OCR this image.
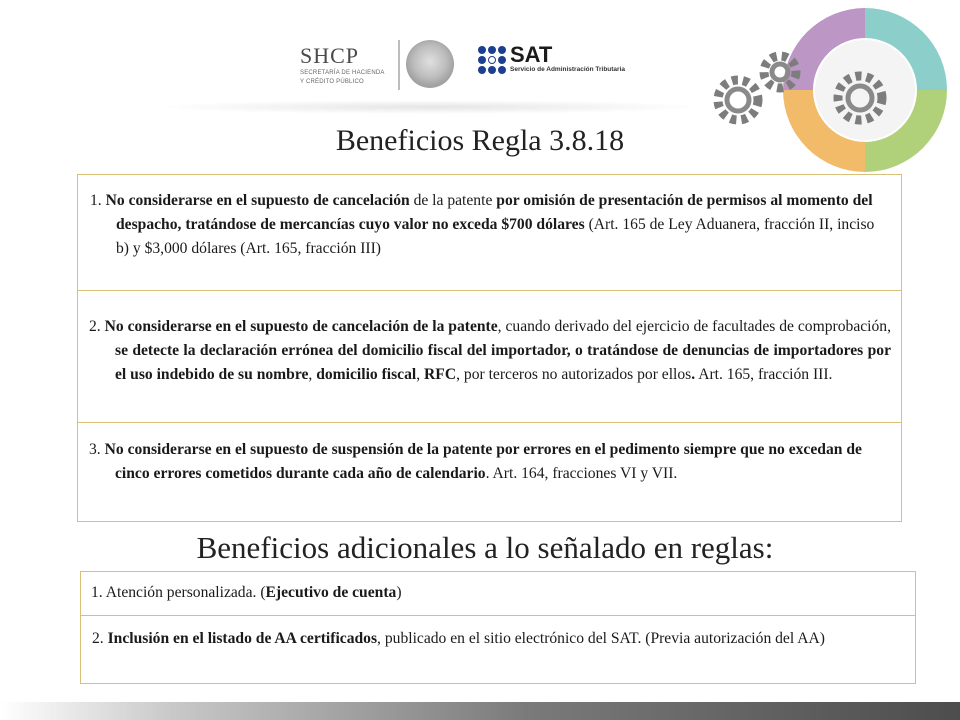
SHCP
SECRETARÍA DE HACIENDA
Y CRÉDITO PÚBLICO
SAT
Servicio de Administración Tributaria
Beneficios Regla 3.8.18

1. No considerarse en el supuesto de cancelación de la patente por omisión de presentación de permisos al momento del despacho, tratándose de mercancías cuyo valor no exceda $700 dólares (Art. 165 de Ley Aduanera, fracción II, inciso b) y $3,000 dólares (Art. 165, fracción III)

2. No considerarse en el supuesto de cancelación de la patente, cuando derivado del ejercicio de facultades de comprobación, se detecte la declaración errónea del domicilio fiscal del importador, o tratándose de denuncias de importadores por el uso indebido de su nombre, domicilio fiscal, RFC, por terceros no autorizados por ellos. Art. 165, fracción III.

3. No considerarse en el supuesto de suspensión de la patente por errores en el pedimento siempre que no excedan de cinco errores cometidos durante cada año de calendario. Art. 164, fracciones VI y VII.

Beneficios adicionales a lo señalado en reglas:

1. Atención personalizada. (Ejecutivo de cuenta)

2. Inclusión en el listado de AA certificados, publicado en el sitio electrónico del SAT. (Previa autorización del AA)
